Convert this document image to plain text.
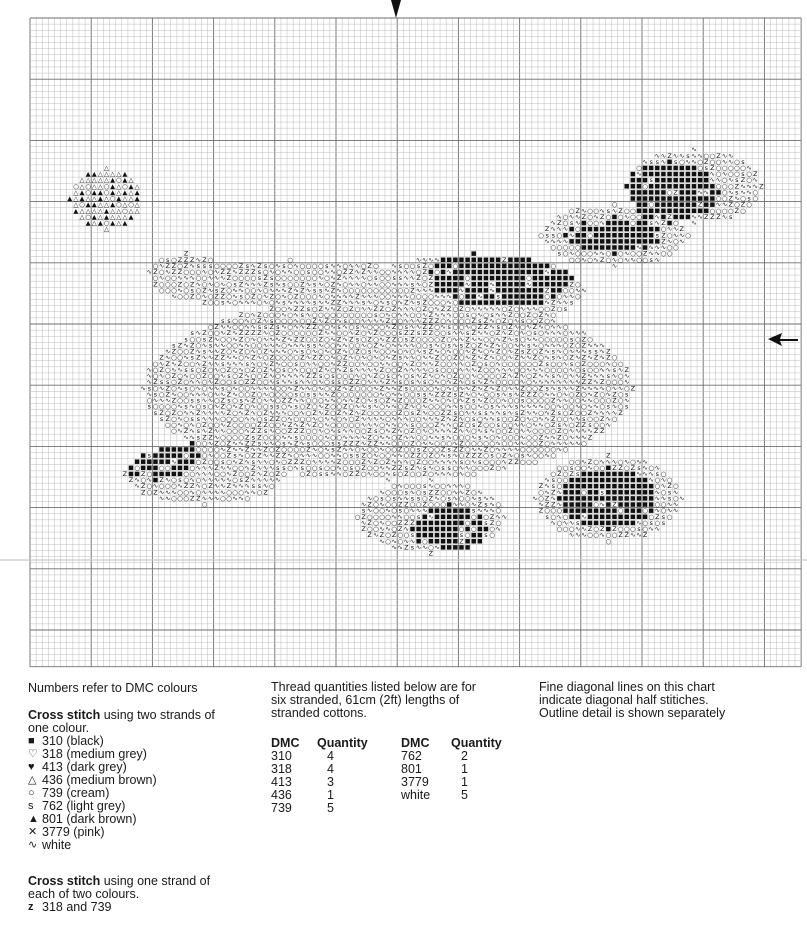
∿
∿ ∿ Z ∿ ∿ s ∿ ∿ ○ ○ Z ∿ ∿
∿ s s ∿ s ○ ∿ ∿ ○ Z ○ ○ ∿ ∿ ○ s
○	○ s Z ○ ○ ○ ○ ○ ∿
∿	∿ ○ ∿ ○ ○ s ○ Z
s	∿ ∿ ○ ∿ s Z ○ ∿
○	○ ○ ○ Z ∿ ∿ ∿ Z
○ Z	∿ ∿ ○ ∿ s ∿ ∿ ○
○ ○ Z ∿ ○ s ○
○	○	Z ∿ ∿ Z ○ Z ○
○ Z ∿ ○ ○ ∿ s ∿ Z ○ ○	○ ○ ○ ○ Z ○
∿ ○ ∿ ∿ Z ○ ∿ Z ○ ○ ∿ ○ ○ ∿ Z	∿ ∿ Z Z Z ∿ s
∿ Z ○ s ∿ ○ ○ ∿	○ s ∿ Z ○ ∿
Z ∿ ∿ ∿ ○	○ ∿ ∿ Z
○ s s ○ ∿ ○	s Z ○ ∿ ∿ ○
∿ ∿ ∿ ∿	Z ∿ ○ ∿
○ ○ ○ ○ ○	∿ ∿ ∿ ∿ ○ ○
Z	s ○ ∿ ○ ○ ○ ∿ ∿ ○ ○ ∿ ○ ○ Z ∿ ∿ ○ ○
○ s ○ Z Z Z ∿ Z ○	○	∿ ∿ ∿ ∿	Z	○ ○ ∿ ○ ∿ Z ○ ∿ ○ ∿ ∿ ○ ○ s ∿
○ ∿ Z Z ○ Z ∿ s s s ○ ○ ○ ○ Z s ∿ Z s ○ ∿ s ○ ∿ ○ ○ ○ ○ s ∿ ∿ ○ ∿ ∿ ○ Z ○ ∿ s ○ ○ s Z ○	○	○	∿
∿ Z ○ ∿ Z Z ○ ○ ○ ∿ ○ ∿ Z Z ∿ Z Z Z s ○ ∿ ○ ∿ ∿ ○ ○ s ○ ○ ∿ ∿ ○ Z Z ∿ Z ∿ ∿ ○ ○ ∿ ∿ ∿ ∿ ○ Z ○ ∿	∿
○ ∿ ○ ○ ∿ ∿ ∿ ○ ○ ∿ ∿ ∿ Z ○ ○ ○ ○ s Z s ○ ○ ○ ○ ○ ○ ○ ∿ ○ ∿ Z ∿ ∿ ∿ ∿ ○ s ○ ○ s s ∿ ∿ Z ○ Z	○	○
Z ○ ○ ○ Z ○ Z ∿ ○ ∿ ○ ∿ ○ s Z ∿ ∿ ∿ Z s ∿ s ○ ○ Z ∿ s ∿ ○ Z ∿ ○ ∿ ∿ ○ ∿ ∿ ○ ○ ∿ ∿ ∿ s ∿ ○ Z	∿	∿	∿	Z ○
○ ○ ○ ∿ ○ s ○ Z ∿ s Z ○ ∿ ∿ ○ ○ ∿ ○ ∿ ∿ ∿ Z ∿ Z ∿ s s ∿ Z ∿ ○ ○ ○ ○ ○ ○ ○ ○ ○ ○ ○ Z ∿ ∿ ∿	∿	∿	Z ○ ○ ∿ ∿
∿ ○ ○ Z ○ ∿ ○ Z Z ○ ∿ s ○ Z ○ ∿ Z ○ ∿ ○ Z ○ ○ ○ ∿ ○ ∿ ∿ ∿ ∿ Z ∿ ∿ ∿ ○ ○ ∿ ∿ ∿ ○ ○ ○ ○ ∿ ∿ ∿ ○ ∿ s	○ ○ ∿ ∿ ○
Z ○ ○ s ∿ ○ ∿ ∿ ∿ ○ ∿ ○ ∿ s ∿ ∿ ∿ ∿ s ∿ ∿ Z Z ∿ ∿ ∿ s ∿ ○ ∿ s ○ ∿ Z ∿ s Z ○ ○ ○ ∿ ○	∿ Z ∿ ∿ s
Z ○ ○ ∿ Z Z s ○ Z ∿ ∿ Z ○ Z ○ ∿ ∿ Z Z ○ Z ∿ ∿ ∿ ○ Z ○ ∿ Z Z ○ Z ○ ∿ ∿ ∿ ∿ ∿ ○ Z ○ ∿ ∿ ∿ ○ ○ Z ○ s
Z ○ ∿ Z ○ ○ ○ ∿ ○ ∿ s ∿ ○ ○ ○ ○ ○ ○ ○ ○ ○ ○ s ○ ∿ ○ ∿ ∿ ○ ○ ∿ Z ∿ ∿ ∿ ○ ○ s ○ ∿ ○ s ∿ ∿ Z ○ ○ Z ○ Z ∿ ○
s s ○ ○ ∿ ○ Z ∿ s ○ ○ ○ ∿ ○ ○ Z ∿ Z ○ ∿ s ○ ○ ∿ ∿ ∿ ∿ Z ○ ○ ∿ ∿ ∿ Z Z Z ○ ∿ ○ ○ ○ Z s Z ∿ ○ Z ○ ∿ s ○ ○ Z ○ ∿
○ Z ∿ ∿ ○ ○ ∿ ∿ s s Z s ∿ ○ ∿ ∿ Z Z ○ ○ ∿ s ∿ ○ s ∿ ○ ○ ○ ∿ Z ○ s ∿ ∿ Z Z ○ ∿ s ○ ○ ∿ ○ Z Z ∿ s ○ Z ∿ ○ ∿ Z ∿ ○ ∿ ∿ ○
s ∿ Z ○ ○ ∿ Z ∿ Z Z Z Z ∿ ○ Z ○ ○ ○ ○ ○ ○ Z ∿ ∿ ○ ○ ∿ Z ○ ∿ Z ○ ○ ○ s Z Z s Z Z ○ ○ s ∿ ∿ s Z ∿ ∿ ○ Z ∿ Z ○ ∿ ○ s ○ ∿ ∿ ∿ ○ ∿ ∿ ∿
s ○ ○ s Z ∿ ○ ○ ∿ Z ○ ∿ ○ ∿ ∿ ∿ Z ∿ Z Z ○ ○ Z ○ ∿ Z ∿ Z s ○ Z ○ ∿ Z Z ○ s Z ○ ○ ○ ○ Z ○ ∿ ∿ Z ∿ ∿ ○ ○ ∿ Z ∿ s ○ ∿ ∿ ○ ○ ○ ○ ○ s ○ Z ○
s Z ∿ Z ○ ∿ s ∿ ∿ ○ ○ ∿ ∿ ○ ○ ∿ ∿ ∿ ○ ∿ ∿ ∿ s s ∿ ○ ○ ∿ ∿ ○ ○ ∿ ○ Z ∿ ○ ∿ ∿ ∿ ∿ ○ ○ s ∿ ○ s ∿ s Z ○ Z ∿ Z ∿ ○ ○ ∿ ∿ s ∿ ○ ∿ ∿ ∿ ○ Z ○ Z ∿ ∿ ∿
∿ Z ○ ○ Z ∿ s ∿ ∿ Z ○ ∿ Z ○ ∿ ○ Z ∿ ∿ ∿ ○ ∿ s ○ ∿ ○ ∿ ○ Z ∿ ○ Z ○ s ∿ ○ ○ ∿ ○ ∿ ○ ∿ s Z ∿ ○ ∿ ○ ○ ∿ Z ∿ ○ ∿ Z ○ ∿ Z s Z ○ Z ∿ s ∿ ○ ∿ ∿ ∿ s s ∿ Z
Z ∿ ○ ○ ∿ s Z ∿ ∿ Z Z ∿ ∿ ○ ∿ Z ∿ ○ Z ○ ○ ○ ○ Z ∿ Z Z ○ ∿ ○ Z ∿ ○ ∿ ○ ∿ ○ ∿ Z s ∿ ∿ ○ ∿ ∿ Z ○ ○ Z ○ ∿ Z ∿ Z ∿ ○ ○ ∿ Z ∿ ∿ Z ○ ∿ s ∿ ○ Z ∿ Z ∿ Z ∿ Z ○
○ ∿ Z ∿ Z ○ ○ ∿ Z ∿ ∿ s ∿ ∿ ∿ s ∿ ○ ∿ Z ∿ ○ ○ s ○ ∿ ∿ ○ ○ ∿ Z Z ○ ○ ∿ ○ ○ ∿ ∿ ○ ○ ∿ Z ○ ∿ ∿ Z ○ ○ ∿ ∿ ○ Z ○ s ○ ∿ ○ ○ ○ ○ ○ ○ Z s ○ ○ ∿ s ○ Z ○ ○ ○ ∿ ○ ○
∿ ○ Z ○ ∿ ∿ s s ○ Z ○ ∿ ○ Z ○ ∿ ○ Z ○ Z ∿ ○ s ○ ∿ ○ ○ ○ Z ∿ ○ ∿ Z s ∿ ∿ ∿ ∿ Z ○ ○ Z ∿ ∿ ∿ ∿ ○ s ○ ○ ○ ∿ ∿ ∿ Z ○ ○ ∿ ∿ ∿ ○ ○ ∿ ∿ ∿ ○ ○ ○ ○ ∿ ○ s ○ ○ ∿ ∿ s ∿ Z
∿ ○ ∿ ○ Z ○ ∿ ○ ○ Z ○ ○ ∿ s ○ Z ∿ ○ ○ Z ∿ ○ ∿ ∿ ∿ ∿ Z Z s ○ s ○ ○ ○ ∿ ○ ∿ Z ○ s ○ ∿ ○ s ∿ Z ∿ ○ ∿ ○ Z ○ ○ ∿ ○ ○ ○ ○ Z ∿ Z ∿ ○ Z ∿ ∿ s ∿ ○ ∿ ∿ Z ∿ ∿ ∿ s ∿ ○ ∿
∿ Z s s ○ Z ○ ∿ ∿ ○ ∿ Z ○ ○ s ○ Z Z ○ ○ ∿ s ∿ ∿ s ∿ ∿ ○ ∿ ○ s s ○ Z Z ○ ∿ ∿ ∿ Z ∿ s ○ s ∿ s ○ ∿ ○ ∿ Z ∿ ○ s ∿ Z ∿ ○ ○ ○ ○ ∿ ○ ∿ ∿ ∿ ∿ ∿ ∿ ∿ ∿ Z Z ∿ Z ○ ○ ○ ∿
∿ s ○ ∿ Z ○ ∿ s ○ ∿ ○ ∿ ∿ s ○ ∿ ○ ○ ∿ ∿ ∿ ∿ ○ ○ ∿ Z ∿ ∿ ○ ∿ ○ ○ Z ∿ Z ○ ○ ○ ∿ Z ∿ ∿ Z s ○ ○ ○ ○ ∿ ○ ∿ ○ ∿ ∿ Z ∿ Z ∿ Z ○ ∿ ∿ Z ○ ○ Z s ∿ s ∿ ∿ Z ∿ ∿ ∿ ∿ ○ ∿ ∿ ○ Z
∿ s ○ Z ∿ ○ ○ ∿ ∿ ∿ ○ ∿ ∿ Z ∿ ○ ○ Z ○ ∿ ○ ○ ○ ○ s ○ s s ∿ ∿ Z ○ ○ ○ ○ ○ ○ ○ ∿ ○ ∿ ∿ ○ ○ s s ∿ Z Z Z s Z ∿ ○ ∿ ○ ○ s ∿ s ∿ Z Z Z ○ ∿ ∿ ○ ∿ ○ Z ○ ∿ Z ○ ∿ Z ○ s
○ ∿ ∿ ∿ Z ○ ○ s s ∿ ∿ ○ Z s ○ s ∿ Z ○ ∿ ∿ ○ Z Z ∿ ∿ ○ ○ ○ ∿ ∿ ○ ∿ ∿ Z ○ ∿ s ○ Z ∿ Z ○ ○ ○ Z ∿ ∿ ○ ∿ ○ ∿ Z s ∿ Z ○ ○ ∿ ○ ○ s ○ ○ ○ ○ Z ∿ ∿ ○ ○ ∿ ∿ ○ ○ ○ Z ○ ∿
s ○ ○ ○ ○ ∿ s ∿ ○ s ○ ∿ Z ○ ∿ Z ○ ∿ ○ ○ s s ○ ∿ s ○ Z ○ ∿ Z ○ ○ Z ○ ∿ ∿ s ∿ ○ ∿ ∿ ○ Z ∿ ○ ∿ ○ ○ ○ ∿ ∿ s ○ ○ ∿ ○ s ∿ ∿ ∿ s ∿ ∿ ∿ ∿ ○ ○ ∿ ○ ○ ∿ ○ ∿ ∿ ○ s ∿ ○ s
s Z ○ Z ○ ∿ ∿ Z ∿ ∿ ∿ ∿ Z ○ ∿ Z ∿ ○ Z ∿ ∿ ∿ ○ ○ ∿ ○ Z ∿ Z ○ Z ∿ Z ∿ Z ○ ○ ○ ○ ○ Z ○ s Z ∿ ○ ○ Z Z s ○ ∿ ∿ s s ∿ ∿ s ∿ s Z ∿ ∿ ○ ∿ Z s ○ Z ○ ○ Z ∿ ∿ ∿ ∿ Z
s Z ○ ∿ ○ s s ∿ ∿ ∿ ○ ○ ○ ○ ∿ ∿ ○ s Z Z ○ ∿ ○ ○ ○ ∿ ○ ∿ ∿ ○ ∿ ○ Z ∿ ∿ ∿ ∿ ○ ∿ ∿ ∿ ○ ○ ∿ ∿ ∿ Z ∿ Z ∿ ○ s ○ ∿ ∿ s ○ ○ Z ○ ∿ ○ ∿ ∿ Z ○ ○ ∿ ∿ s ○ ○ Z ∿ ○
○ ○ ∿ ○ ∿ ○ Z ○ ○ ∿ Z ○ ○ ○ ○ Z Z ○ ○ ∿ Z ∿ Z ∿ Z ○ ∿ ○ ○ ○ ○ ○ ∿ ∿ ∿ ○ ∿ ∿ ○ ∿ s ○ ○ ○ Z ∿ ∿ ○ Z ○ s Z ○ ○ s ○ ○ ∿ ∿ ○ ∿ ∿ ○ Z s ∿ ○ Z Z s ○ ○ ∿
○ ∿ Z ∿ s ∿ Z ∿ ∿ ○ ○ ○ ∿ Z Z s ∿ ○ ○ Z Z Z ○ ○ ∿ ○ ∿ s ∿ ∿ ○ ○ Z s ○ ∿ Z ∿ ○ Z ○ ∿ ○ ∿ ∿ ∿ Z ∿ ∿ ○ ∿ s ∿ ○ ○ Z ○ ∿ ∿ ○ ○ ○ ○ Z ○ ∿ ∿ ∿ ∿ Z Z
∿ ∿ s Z Z ∿ ○ ○ ○ ○ Z s Z ○ ○ ○ ∿ ∿ s ○ ○ ○ ○ ∿ ○ ○ ∿ ∿ ∿ ∿ Z ○ ∿ ∿ ○ Z ∿ ∿ ○ ○ ∿ ∿ s ∿ ○ ○ ○ ∿ s ∿ ○ ∿ ○ ○ ○ ∿ ○ ○ Z ∿ ∿ Z ○ ∿ ∿ ∿ Z
○ ○ ∿ Z ○ Z ∿ ∿ Z Z s ∿ ∿ ○ s ∿ Z ∿ s ○ ○ ○ s s Z Z Z ∿ Z Z ∿ ∿ ○ ○ ○ Z ○ ∿ ∿ ○ ○ ○ ∿ Z ○ ○ ○ ○ ○ ∿ ○ ○ ∿ ∿ ○ ○ Z ○ ∿ ∿ ∿ ∿ ∿ ○
○ ○ ○ ○ ∿ Z ∿ ∿ Z ∿ ∿ Z ○ Z ○ ○ ○ ○ Z ∿ ○ ∿ s Z ∿ ∿ ○ ∿ ○ ○ ∿ ○ ○ Z ○ ○ s Z ○ ○ Z s Z Z ○ ∿ ∿ Z ○ ∿ ∿ ∿ ∿ ○ ○ ○ ○ ○ ○ ∿ ○
s	○ ○ ∿ ○ ○ Z s ∿ ○ Z Z ∿ ∿ Z Z ∿ ○ ∿ ∿ ∿ ○ ○ ∿ ∿ ○ s s Z ○ ∿ ○ ○ ∿ ∿ ○ Z Z ○ Z ○ ∿ s ∿ ○ Z Z Z ○ s ○ Z ∿ ○ s ∿ ○ ○ ∿ ○	Z
∿	○ Z ○ ○ s ○ ∿ Z ∿ s ∿ ∿ ○ ∿ ○ Z Z Z ○ ∿ ∿ ∿ ∿ Z ○ ○ ○ Z ∿ Z ○ Z ∿ ∿ ∿ ○ Z ○ ○ ∿ ∿ ∿ ∿ s ○ ∿ s ○ ○ ○ ∿ Z Z ○ ○ ○	○ ○ ∿ Z ○ ∿ ∿ ∿ ○ ∿ ○ ∿ ∿
○	○ ○	○ ∿ ∿ ∿ Z ∿ ∿ ○ ○ ∿ Z ∿ ∿ ∿ s s ○ ∿ s ○ ○ s ○ ○ ∿ ○ s ○ Z ○ ○ ∿ ∿ Z Z s Z ∿ s ∿ ○ s s ○ ∿ ∿ ○ ○ ○ Z ○ ∿	○ ○ s ○ ○ ∿ ○ ○ Z Z ○ Z s ∿ ○ ∿
Z Z ○	○ ○ ∿ ∿ ∿ ○ ○ ∿ Z ○ ○ Z ∿ Z ○ Z ○ ○ Z ○ s s ∿ ∿ ○ Z Z ○ ∿ ○ ○ ∿ s ○ Z ○ ○ Z ○ ∿ ∿ ∿ ○ ∿ ○ ○	○ Z ○ Z s	∿ ∿ ∿ s ○
Z ∿ ○ ∿ Z ∿ ○ s ○ ∿ ○ ∿ ∿ ∿ ∿ ∿ ○ s Z ∿ ∿ ∿ ∿ ∿	∿	∿	∿ s ○ ○	∿ ○ ∿ ○
∿ Z ○ ∿ ○ ○ ○ ∿ Z Z ∿ ○ Z ∿ ∿ Z ∿ ∿ ∿ s s ∿ ○	○ ∿ ○ ○ ○ s ∿ ○ ○ ∿ ∿ ∿ ○	Z ∿ s ○	○ ∿ Z ○
Z ○ Z ∿ ∿ ∿ ○ ○ ∿ ○ ∿ ∿ ∿ ∿ ○ ○ ○ ∿ ∿ ○ Z	∿ ○ ○ ○ s ∿ ○ s Z Z ○ ○ ∿ ∿ Z ○ ∿	○ ∿ Z ∿	○ s	∿ ○ s ∿
∿ ∿ ○ ○ ○ Z Z ∿ ∿ ∿ ○ ○ ∿ ∿ ○	∿ ○ s ○ s ∿ ∿ s s ○ Z ∿ ○ s ∿ ○ ○ ∿ s ∿ ∿	∿ ○ Z ∿	∿ ∿ s ○ ∿
○	∿ Z ○ ∿ ○ ○ Z Z ○ ○ Z ○ ○ ○ ∿ ∿ ○ ∿ Z s ∿ ○	∿ Z Z ∿	○ ∿ Z	○ ○ ∿ ∿
s ∿ ○ ○ ∿ ○ s ○ ∿ ∿ ∿	s ∿ ∿ ∿ ○	Z ○ ○ ○	○	○ ∿ ○ ∿ ∿
○ Z ○ ○ ○ ○ ∿ ∿ ○ ○ s ∿	○ ○ Z ∿ ∿	s ○ ∿ ○ ∿	○ Z s ○
∿ Z ○ ∿ ○ ○ Z Z Z	○ s Z ○	∿ ○ ∿ ∿ s	∿ ○ s ○ s
Z ○ ○ ∿ ∿ ○ Z ∿	○ ○ ○ ∿	○ ○ ○ ∿ ∿ Z ○ Z Z ○ ○ ○ s ○ ∿ ∿
Z ∿ Z ○ Z ○ ○ s	s ○ s ○	∿ ∿ ∿ ○ ○ ∿ ○ ○ Z Z ∿ ∿ Z
∿ ○ ∿ ○ ∿ ∿ ○	Z	○
∿ ∿ Z s ∿ ∿ ○ ∿
Z
△
▲ ▲ △ △ △ △ ▲
△ △ △ △ △ ▲ ○ ▲ △
○ △ ○ △ △ ○ ▲ △ ○ ▲ △
△ ▲ ○ ▲ ▲ ○ ▲ △ ▲ △ ▲
▲ △ ▲ △ △ ▲ △ ○ ▲ △ △ ▲
△ ○ ▲ ▲ △ △ ▲ ○ △ ○ △
▲ △ △ △ △ ▲ △ △ ○ △ △
△ ○ ▲ △ ▲ △ △ △ ▲
▲ △ ▲ ○ ▲ △ ▲
△
Numbers refer to DMC colours
Cross stitch using two strands of
one colour.
■ 310 (black)
♡ 318 (medium grey)
♥ 413 (dark grey)
△ 436 (medium brown)
○ 739 (cream)
s 762 (light grey)
▲ 801 (dark brown)
✕ 3779 (pink)
∿ white
Cross stitch using one strand of
each of two colours.
z 318 and 739
Thread quantities listed below are for
six stranded, 61cm (2ft) lengths of
stranded cottons.
DMC	Quantity	DMC	Quantity
310	4	762	2
318	4	801	1
413	3	3779	1
436	1	white	5
739	5		
Fine diagonal lines on this chart
indicate diagonal half stitiches.
Outline detail is shown separately
